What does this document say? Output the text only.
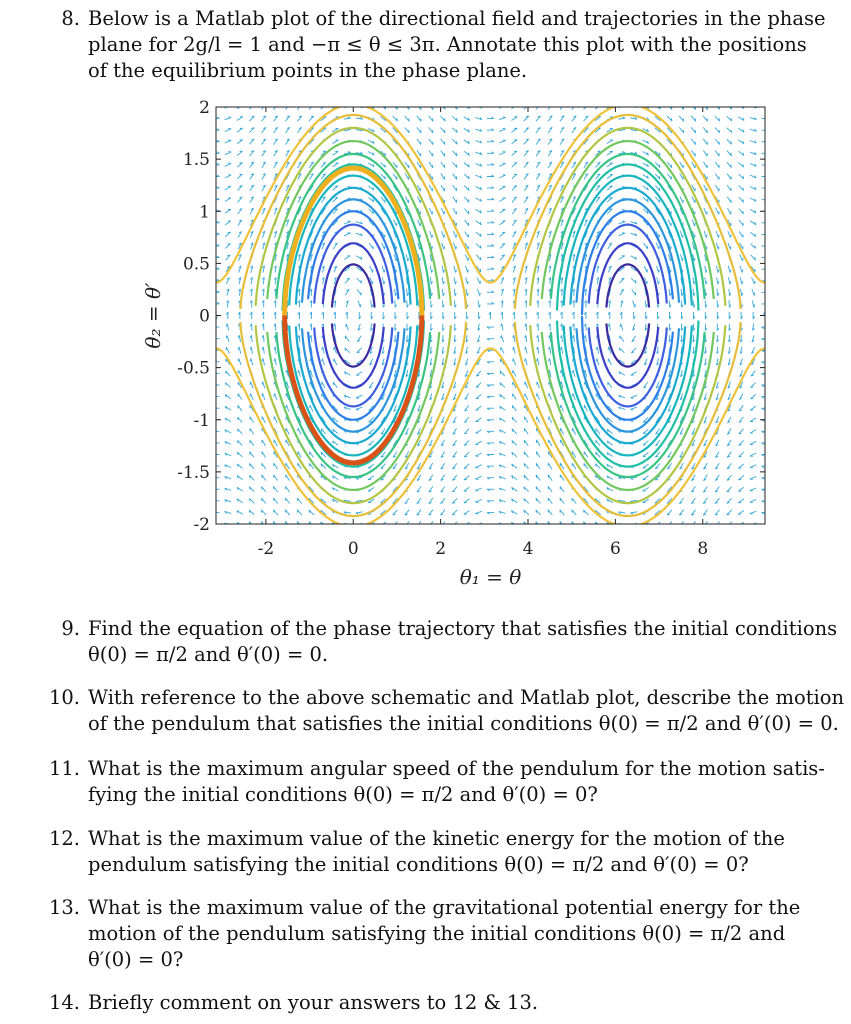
8. Below is a Matlab plot of the directional field and trajectories in the phase
plane for 2g/l = 1 and −π ≤ θ ≤ 3π. Annotate this plot with the positions
of the equilibrium points in the phase plane.
-2	0	2	4	6	8
2
1.5
1
0.5
0
-0.5
-1
-1.5
-2
θ₁ = θ
θ₂ = θ′
9. Find the equation of the phase trajectory that satisfies the initial conditions
θ(0) = π/2 and θ′(0) = 0.
10. With reference to the above schematic and Matlab plot, describe the motion
of the pendulum that satisfies the initial conditions θ(0) = π/2 and θ′(0) = 0.
11. What is the maximum angular speed of the pendulum for the motion satis-
fying the initial conditions θ(0) = π/2 and θ′(0) = 0?
12. What is the maximum value of the kinetic energy for the motion of the
pendulum satisfying the initial conditions θ(0) = π/2 and θ′(0) = 0?
13. What is the maximum value of the gravitational potential energy for the
motion of the pendulum satisfying the initial conditions θ(0) = π/2 and
θ′(0) = 0?
14. Briefly comment on your answers to 12 & 13.
